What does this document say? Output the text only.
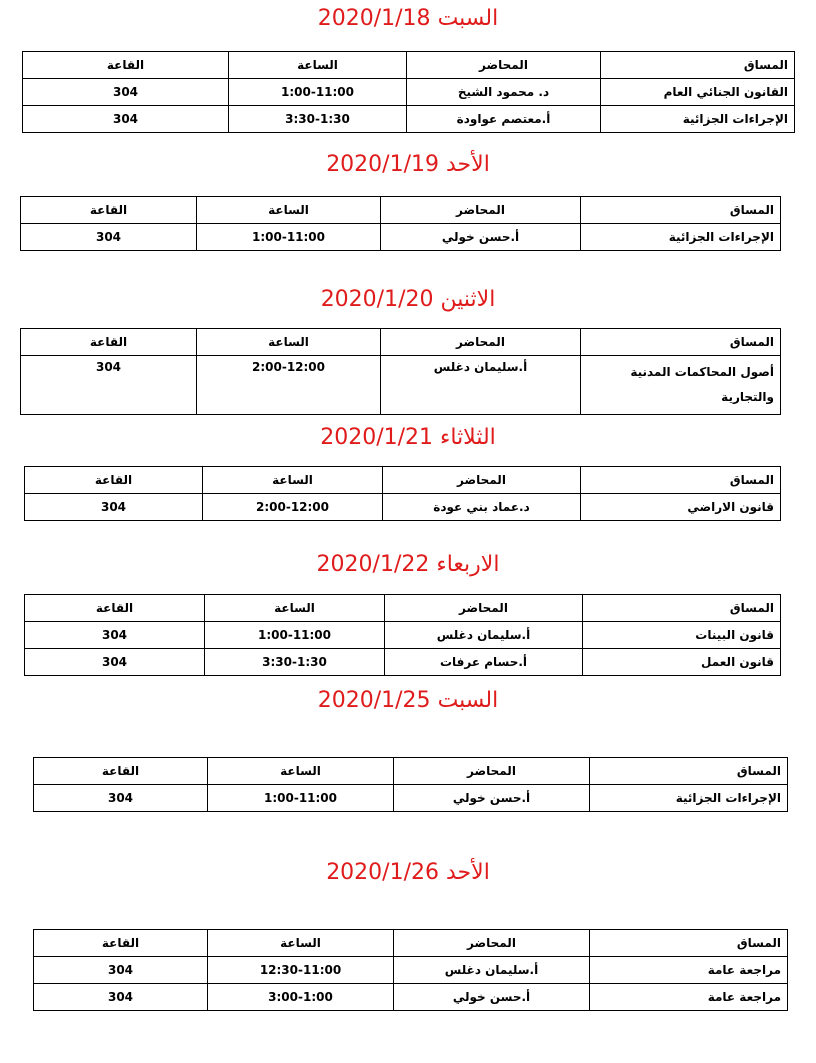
السبت 2020/1/18
المساق	المحاضر	الساعة	القاعة
القانون الجنائي العام	د. محمود الشيخ	1:00-11:00	304
الإجراءات الجزائية	أ.معتصم عواودة	3:30-1:30	304
الأحد 2020/1/19
المساق	المحاضر	الساعة	القاعة
الإجراءات الجزائية	أ.حسن خولي	1:00-11:00	304
الاثنين 2020/1/20
المساق	المحاضر	الساعة	القاعة
أصول المحاكمات المدنية والتجارية	أ.سليمان دغلس	2:00-12:00	304
الثلاثاء 2020/1/21
المساق	المحاضر	الساعة	القاعة
قانون الاراضي	د.عماد بني عودة	2:00-12:00	304
الاربعاء 2020/1/22
المساق	المحاضر	الساعة	القاعة
قانون البينات	أ.سليمان دغلس	1:00-11:00	304
قانون العمل	أ.حسام عرفات	3:30-1:30	304
السبت 2020/1/25
المساق	المحاضر	الساعة	القاعة
الإجراءات الجزائية	أ.حسن خولي	1:00-11:00	304
الأحد 2020/1/26
المساق	المحاضر	الساعة	القاعة
مراجعة عامة	أ.سليمان دغلس	12:30-11:00	304
مراجعة عامة	أ.حسن خولي	3:00-1:00	304
